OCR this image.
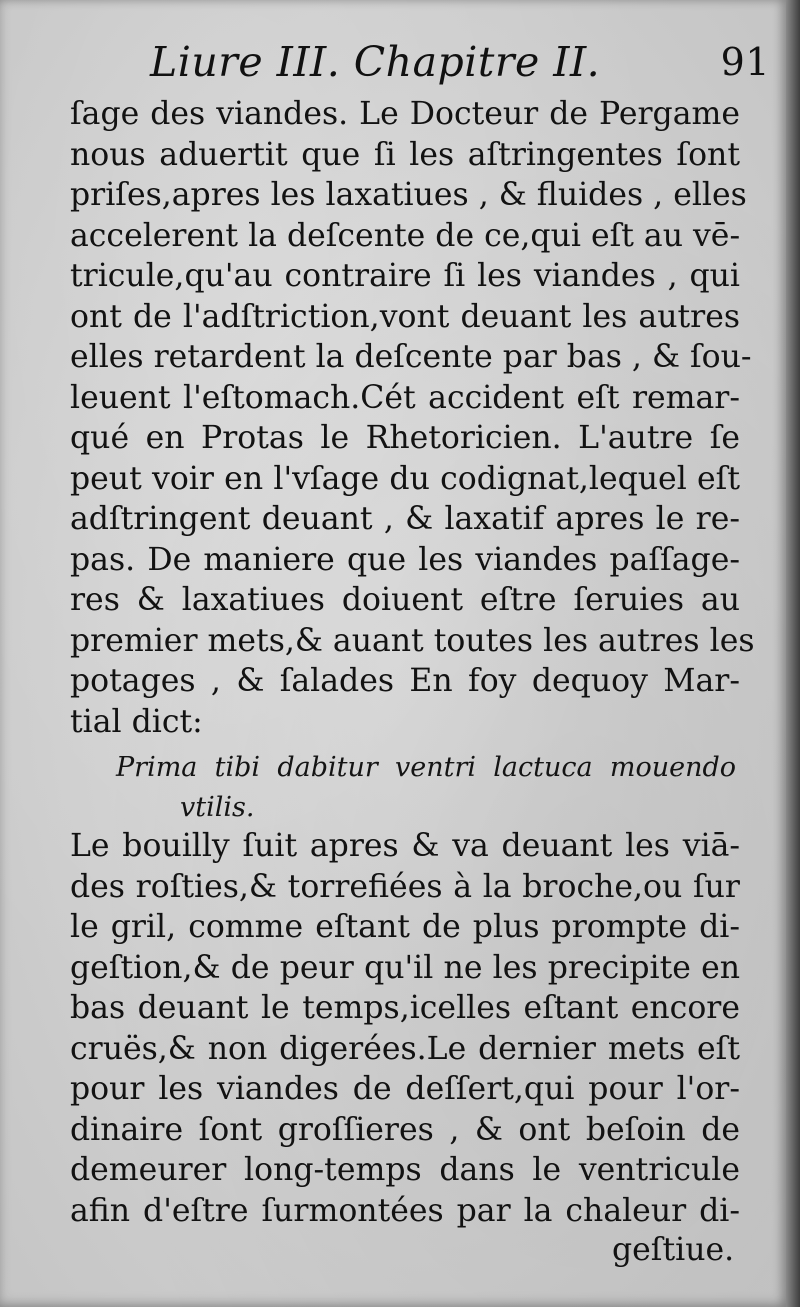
Liure III. Chapitre II.	91
ſage des viandes. Le Docteur de Pergame
nous aduertit que ſi les aſtringentes ſont
priſes,apres les laxatiues , & fluides , elles
accelerent la deſcente de ce,qui eſt au vē-
tricule,qu'au contraire ſi les viandes , qui
ont de l'adſtriction,vont deuant les autres
elles retardent la deſcente par bas , & ſou-
leuent l'eſtomach.Cét accident eſt remar-
qué en Protas le Rhetoricien. L'autre ſe
peut voir en l'vſage du codignat,lequel eſt
adſtringent deuant , & laxatif apres le re-
pas. De maniere que les viandes paſſage-
res & laxatiues doiuent eſtre ſeruies au
premier mets,& auant toutes les autres les
potages , & ſalades En foy dequoy Mar-
tial dict:
Prima tibi dabitur ventri lactuca mouendo
vtilis.
Le bouilly ſuit apres & va deuant les viā-
des roſties,& torrefiées à la broche,ou ſur
le gril, comme eſtant de plus prompte di-
geſtion,& de peur qu'il ne les precipite en
bas deuant le temps,icelles eſtant encore
cruës,& non digerées.Le dernier mets eſt
pour les viandes de deſſert,qui pour l'or-
dinaire ſont groſſieres , & ont beſoin de
demeurer long-temps dans le ventricule
afin d'eſtre ſurmontées par la chaleur di-
geſtiue.
